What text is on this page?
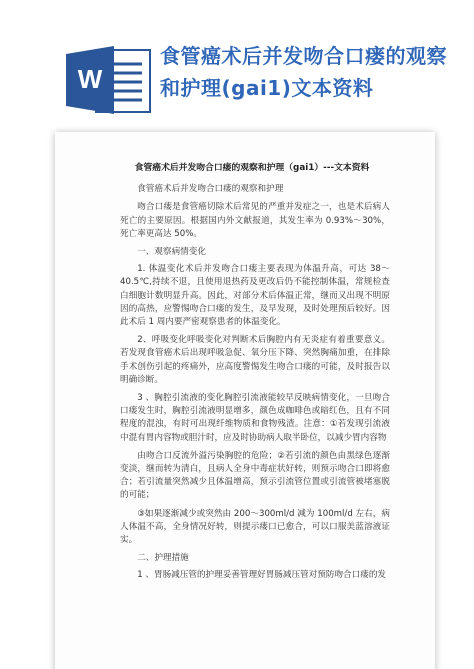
W
食管癌术后并发吻合口瘘的观察和护理(gai1)文本资料
食管癌术后并发吻合口瘘的观察和护理（gai1）---文本资料

食管癌术后并发吻合口瘘的观察和护理

吻合口瘘是食管癌切除术后常见的严重并发症之一，也是术后病人死亡的主要原因。根据国内外文献报道，其发生率为 0.93%～30%，死亡率更高达 50%。

一、观察病情变化

1. 体温变化术后并发吻合口瘘主要表现为体温升高，可达 38～40.5℃,持续不退，且使用退热药及更改后仍不能控制体温，常规检查白细胞计数明显升高。因此，对部分术后体温正常，继而又出现不明原因的高热，应警惕吻合口瘘的发生，及早发现，及时处理预后较好。因此术后 1 周内要严密观察患者的体温变化。

2、呼吸变化呼吸变化对判断术后胸腔内有无炎症有着重要意义。若发现食管癌术后出现呼吸急促、氧分压下降、突然胸痛加重，在排除手术创伤引起的疼痛外，应高度警惕发生吻合口瘘的可能，及时报告以明确诊断。

3 、胸腔引流液的变化胸腔引流液能较早反映病情变化，一旦吻合口瘘发生时，胸腔引流液明显增多，颜色成咖啡色或暗红色，且有不同程度的混浊，有时可出现纤维物质和食物残渣。注意：①若发现引流液中混有胃内容物或胆汁时，应及时协助病人取半卧位，以减少胃内容物

由吻合口反流外溢污染胸腔的危险；②若引流的颜色由黑绿色逐渐变淡，继而转为清白，且病人全身中毒症状好转，则预示吻合口即将愈合；若引流量突然减少且体温增高，预示引流管位置或引流管被堵塞脱的可能；

③如果逐渐减少或突然由 200～300ml/d 减为 100ml/d 左右，病人体温不高，全身情况好转，则提示瘘口已愈合，可以口服美蓝溶液证实。

二、护理措施

1 、胃肠减压管的护理妥善管理好胃肠减压管对预防吻合口瘘的发
